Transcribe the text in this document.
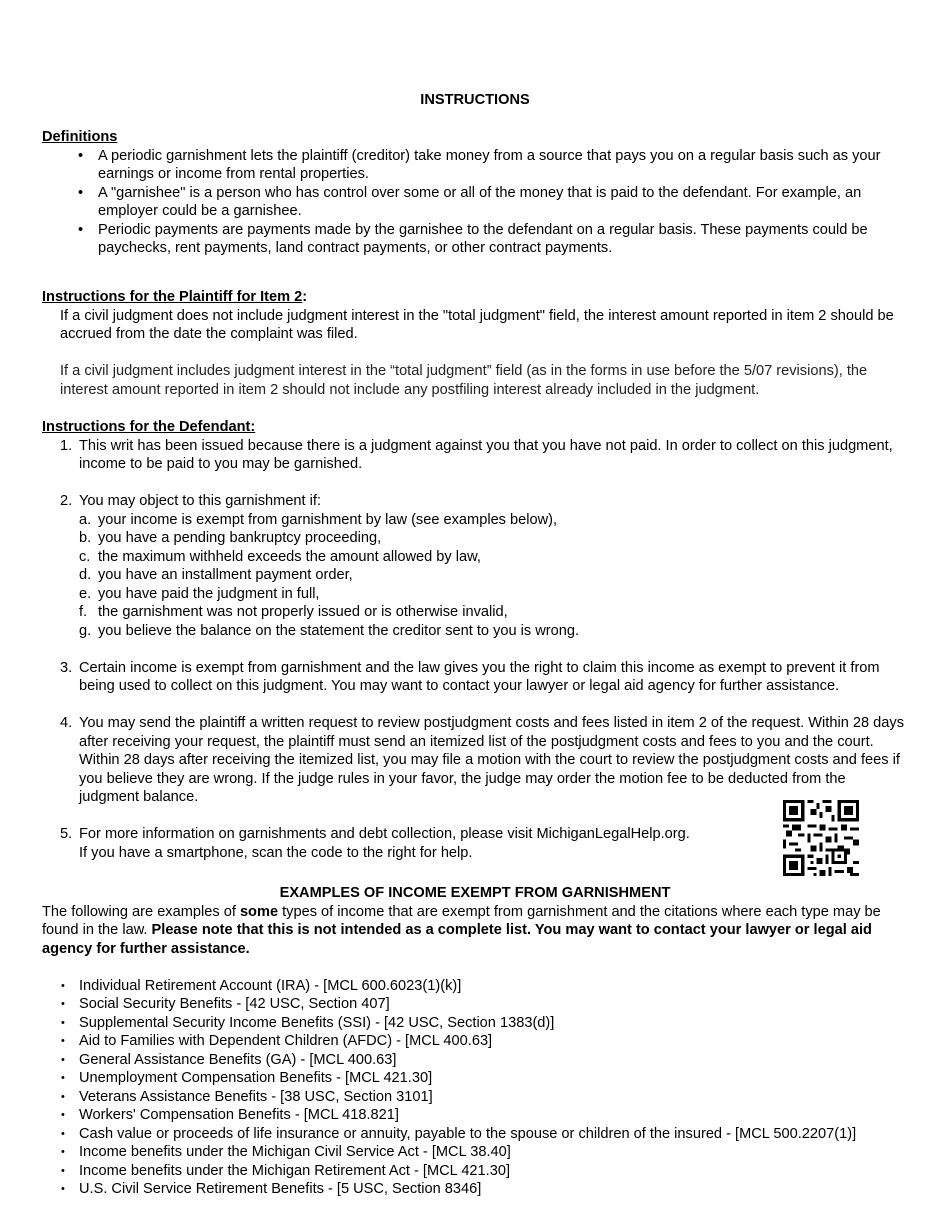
INSTRUCTIONS
Definitions
• A periodic garnishment lets the plaintiff (creditor) take money from a source that pays you on a regular basis such as your earnings or income from rental properties.
• A "garnishee" is a person who has control over some or all of the money that is paid to the defendant. For example, an employer could be a garnishee.
• Periodic payments are payments made by the garnishee to the defendant on a regular basis. These payments could be paychecks, rent payments, land contract payments, or other contract payments.
Instructions for the Plaintiff for Item 2:

If a civil judgment does not include judgment interest in the "total judgment" field, the interest amount reported in item 2 should be accrued from the date the complaint was filed.

If a civil judgment includes judgment interest in the “total judgment” field (as in the forms in use before the 5/07 revisions), the interest amount reported in item 2 should not include any postfiling interest already included in the judgment.

Instructions for the Defendant:
1. This writ has been issued because there is a judgment against you that you have not paid. In order to collect on this judgment, income to be paid to you may be garnished.
2. You may object to this garnishment if:
a. your income is exempt from garnishment by law (see examples below),
b. you have a pending bankruptcy proceeding,
c. the maximum withheld exceeds the amount allowed by law,
d. you have an installment payment order,
e. you have paid the judgment in full,
f. the garnishment was not properly issued or is otherwise invalid,
g. you believe the balance on the statement the creditor sent to you is wrong.
3. Certain income is exempt from garnishment and the law gives you the right to claim this income as exempt to prevent it from being used to collect on this judgment. You may want to contact your lawyer or legal aid agency for further assistance.
4. You may send the plaintiff a written request to review postjudgment costs and fees listed in item 2 of the request. Within 28 days after receiving your request, the plaintiff must send an itemized list of the postjudgment costs and fees to you and the court. Within 28 days after receiving the itemized list, you may file a motion with the court to review the postjudgment costs and fees if you believe they are wrong. If the judge rules in your favor, the judge may order the motion fee to be deducted from the judgment balance.
5. For more information on garnishments and debt collection, please visit MichiganLegalHelp.org.
If you have a smartphone, scan the code to the right for help.
EXAMPLES OF INCOME EXEMPT FROM GARNISHMENT
The following are examples of some types of income that are exempt from garnishment and the citations where each type may be found in the law. Please note that this is not intended as a complete list. You may want to contact your lawyer or legal aid agency for further assistance.
• Individual Retirement Account (IRA) - [MCL 600.6023(1)(k)]
• Social Security Benefits - [42 USC, Section 407]
• Supplemental Security Income Benefits (SSI) - [42 USC, Section 1383(d)]
• Aid to Families with Dependent Children (AFDC) - [MCL 400.63]
• General Assistance Benefits (GA) - [MCL 400.63]
• Unemployment Compensation Benefits - [MCL 421.30]
• Veterans Assistance Benefits - [38 USC, Section 3101]
• Workers' Compensation Benefits - [MCL 418.821]
• Cash value or proceeds of life insurance or annuity, payable to the spouse or children of the insured - [MCL 500.2207(1)]
• Income benefits under the Michigan Civil Service Act - [MCL 38.40]
• Income benefits under the Michigan Retirement Act - [MCL 421.30]
• U.S. Civil Service Retirement Benefits - [5 USC, Section 8346]
